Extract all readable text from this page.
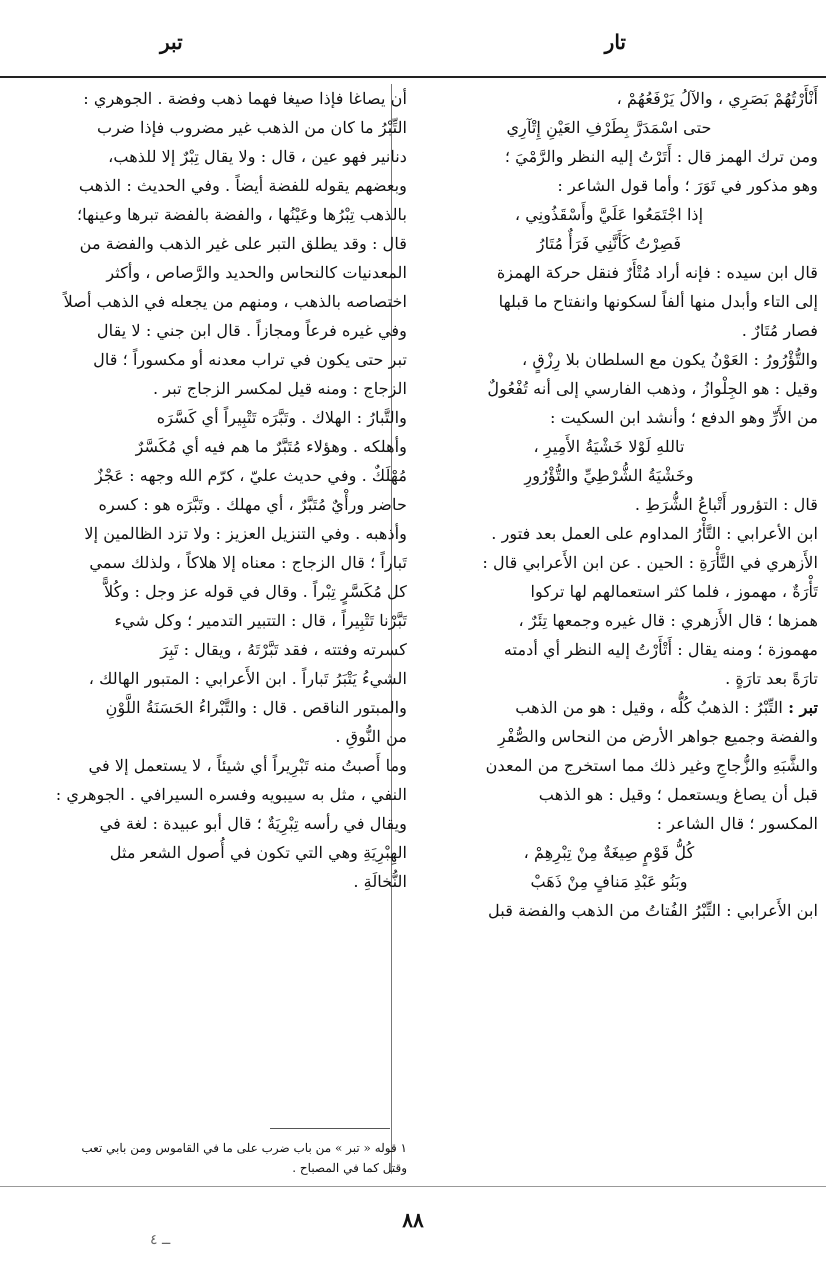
تار
تبر
أَنْأَرْتُهُمْ بَصَرِي ، والآلُ يَرْفَعُهُمْ ،
حتى اسْمَدَرَّ بِطَرْفِ العَيْنِ إِتْآرِي
ومن ترك الهمز قال : أَتَرْتُ إليه النظر والرَّمْيَ ؛
وهو مذكور في تَوَرَ ؛ وأما قول الشاعر :
إذا اجْتَمَعُوا عَلَيَّ وأَسْقَذُونِي ،
فَصِرْتُ كَأَنَّنِي فَرَأٌ مُتَارُ
قال ابن سيده : فإنه أراد مُتْأَرٌ فنقل حركة الهمزة
إلى التاء وأبدل منها ألفاً لسكونها وانفتاح ما قبلها
فصار مُتَارٌ .
والتُّؤْرُورُ : العَوْنُ يكون مع السلطان بلا رِزْقٍ ،
وقيل : هو الجِلْوازُ ، وذهب الفارسي إلى أنه تُفْعُولٌ
من الأَرِّ وهو الدفع ؛ وأنشد ابن السكيت :
تاللهِ لَوْلا خَشْيَةُ الأَمِيرِ ،
وخَشْيَةُ الشُّرْطِيِّ والتُّؤْرُورِ
قال : التؤرور أَتْباعُ الشُّرَطِ .
ابن الأعرابي : التَّأْرُ المداوم على العمل بعد فتور .
الأَزهري في التَّأْرَةِ : الحين . عن ابن الأَعرابي قال :
تَأْرَةٌ ، مهموز ، فلما كثر استعمالهم لها تركوا
همزها ؛ قال الأَزهري : قال غيره وجمعها تِئَرٌ ،
مهموزة ؛ ومنه يقال : أَتْأَرْتُ إليه النظر أي أدمته
تارَةً بعد تارَةٍ .
تبر : التِّبْرُ : الذهبُ كُلُّه ، وقيل : هو من الذهب
والفضة وجميع جواهر الأرض من النحاس والصُّفْرِ
والشَّبَهِ والزُّجاجِ وغير ذلك مما استخرج من المعدن
قبل أن يصاغ ويستعمل ؛ وقيل : هو الذهب
المكسور ؛ قال الشاعر :
كُلُّ قَوْمٍ صِيغَةٌ مِنْ تِبْرِهِمْ ،
وبَنُو عَبْدِ مَنافٍ مِنْ ذَهَبْ
ابن الأَعرابي : التِّبْرُ الفُتاتُ من الذهب والفضة قبل
أن يصاغا فإذا صيغا فهما ذهب وفضة . الجوهري :
التِّبْرُ ما كان من الذهب غير مضروب فإذا ضرب
دنانير فهو عين ، قال : ولا يقال تِبْرٌ إلا للذهب،
وبعضهم يقوله للفضة أيضاً . وفي الحديث : الذهب
بالذهب تِبْرُها وعَيْنُها ، والفضة بالفضة تبرها وعينها؛
قال : وقد يطلق التبر على غير الذهب والفضة من
المعدنيات كالنحاس والحديد والرَّصاص ، وأكثر
اختصاصه بالذهب ، ومنهم من يجعله في الذهب أصلاً
وفي غيره فرعاً ومجازاً . قال ابن جني : لا يقال
تبر حتى يكون في تراب معدنه أو مكسوراً ؛ قال
الزجاج : ومنه قيل لمكسر الزجاج تبر .
والتَّبارُ : الهلاك . وتَبَّرَه تَتْبِيراً أي كَسَّرَه
وأهلكه . وهؤلاء مُتَبَّرٌ ما هم فيه أي مُكَسَّرٌ
مُهْلَكٌ . وفي حديث عليّ ، كرّم الله وجهه : عَجْزٌ
حاضر ورأْيٌ مُتَبَّرٌ ، أي مهلك . وتَبَّرَه هو : كسره
وأذهبه . وفي التنزيل العزيز : ولا تزد الظالمين إلا
تَباراً ؛ قال الزجاج : معناه إلا هلاكاً ، ولذلك سمي
كل مُكَسَّرٍ تِبْراً . وقال في قوله عز وجل : وكُلاًّ
تَبَّرْنا تَتْبِيراً ، قال : التتبير التدمير ؛ وكل شيء
كسرته وفتته ، فقد تَبَّرْتَهُ ، ويقال : تَبِرَ
الشيءُ يَتْبَرُ تَباراً . ابن الأَعرابي : المتبور الهالك ،
والمبتور الناقص . قال : والتَّبْراءُ الحَسَنَةُ اللَّوْنِ
من النُّوقِ .
وما أَصبتُ منه تَبْرِيراً أي شيئاً ، لا يستعمل إلا في
النفي ، مثل به سيبويه وفسره السيرافي . الجوهري :
ويقال في رأسه تِبْرِيَةٌ ؛ قال أبو عبيدة : لغة في
الهِبْرِيَةِ وهي التي تكون في أُصول الشعر مثل
النُّخالَةِ .
١ قوله « تبر » من باب ضرب على ما في القاموس ومن بابي تعب
وقتل كما في المصباح .
٨٨
ــ ٤
